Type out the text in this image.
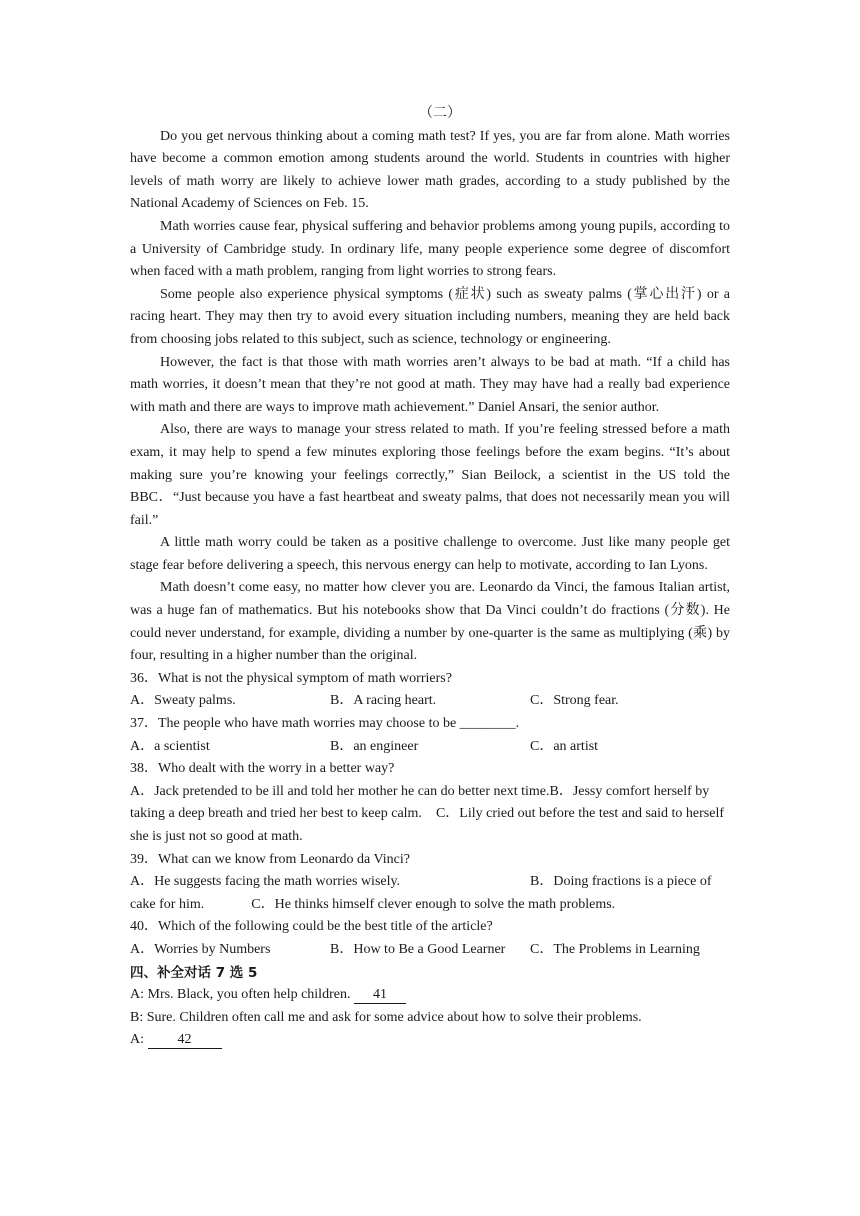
（二）

Do you get nervous thinking about a coming math test? If yes, you are far from alone. Math worries have become a common emotion among students around the world. Students in countries with higher levels of math worry are likely to achieve lower math grades, according to a study published by the National Academy of Sciences on Feb. 15.

Math worries cause fear, physical suffering and behavior problems among young pupils, according to a University of Cambridge study. In ordinary life, many people experience some degree of discomfort when faced with a math problem, ranging from light worries to strong fears.

Some people also experience physical symptoms (症状) such as sweaty palms (掌心出汗) or a racing heart. They may then try to avoid every situation including numbers, meaning they are held back from choosing jobs related to this subject, such as science, technology or engineering.

However, the fact is that those with math worries aren’t always to be bad at math. “If a child has math worries, it doesn’t mean that they’re not good at math. They may have had a really bad experience with math and there are ways to improve math achievement.” Daniel Ansari, the senior author.

Also, there are ways to manage your stress related to math. If you’re feeling stressed before a math exam, it may help to spend a few minutes exploring those feelings before the exam begins. “It’s about making sure you’re knowing your feelings correctly,” Sian Beilock, a scientist in the US told the BBC．“Just because you have a fast heartbeat and sweaty palms, that does not necessarily mean you will fail.”

A little math worry could be taken as a positive challenge to overcome. Just like many people get stage fear before delivering a speech, this nervous energy can help to motivate, according to Ian Lyons.

Math doesn’t come easy, no matter how clever you are. Leonardo da Vinci, the famous Italian artist, was a huge fan of mathematics. But his notebooks show that Da Vinci couldn’t do fractions (分数). He could never understand, for example, dividing a number by one-quarter is the same as multiplying (乘) by four, resulting in a higher number than the original.

36．What is not the physical symptom of math worriers?

A．Sweaty palms.	B．A racing heart.	C．Strong fear.

37．The people who have math worries may choose to be ________.

A．a scientist	B．an engineer	C．an artist

38．Who dealt with the worry in a better way?

A．Jack pretended to be ill and told her mother he can do better next time.B．Jessy comfort herself by taking a deep breath and tried her best to keep calm. C．Lily cried out before the test and said to herself she is just not so good at math.

39．What can we know from Leonardo da Vinci?

A．He suggests facing the math worries wisely.	B．Doing fractions is a piece of cake for him.	C．He thinks himself clever enough to solve the math problems.

40．Which of the following could be the best title of the article?

A．Worries by Numbers	B．How to Be a Good Learner C．The Problems in Learning

四、补全对话 7 选 5

A: Mrs. Black, you often help children. 41

B: Sure. Children often call me and ask for some advice about how to solve their problems.

A: 42
